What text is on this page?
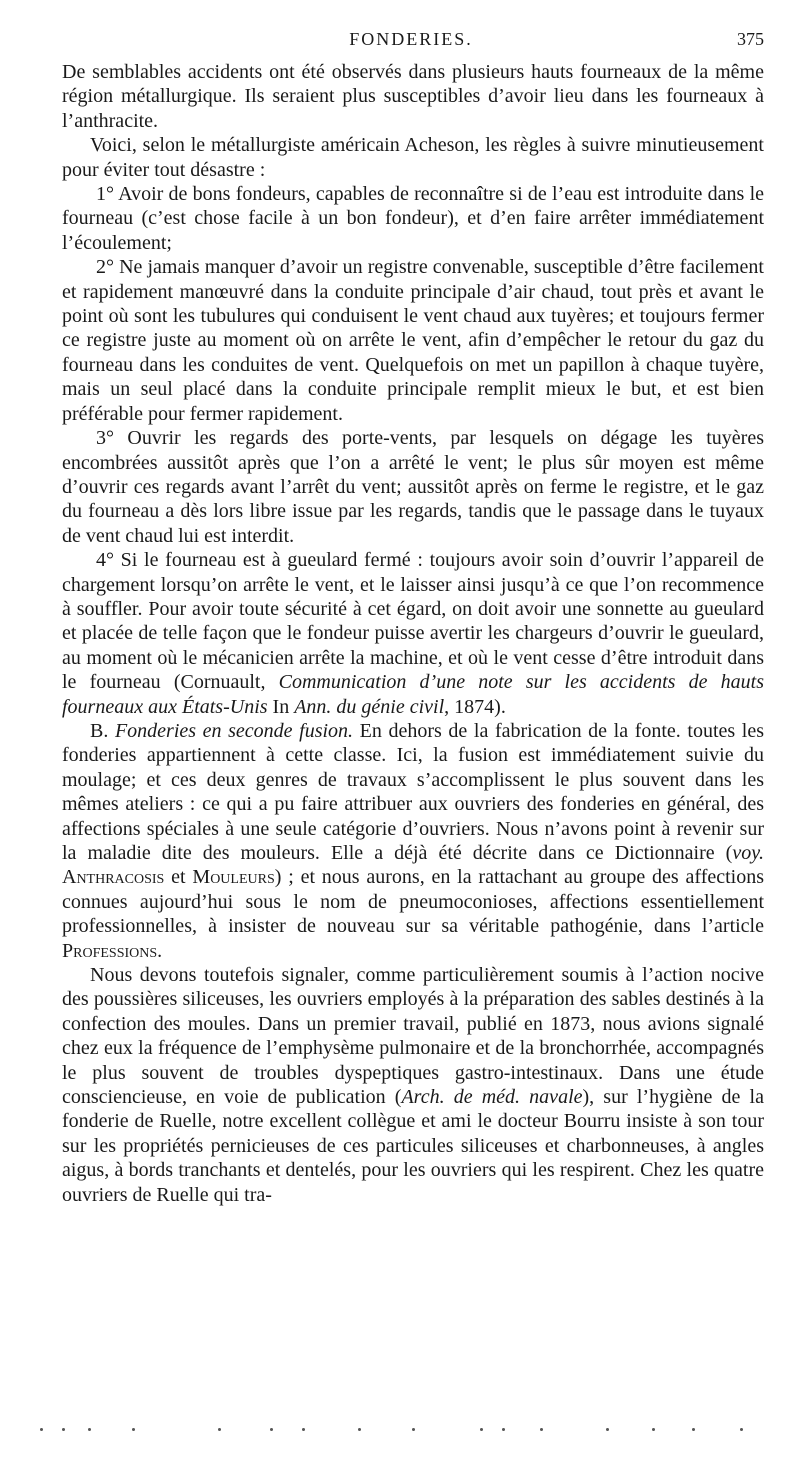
FONDERIES.	375

De semblables accidents ont été observés dans plusieurs hauts fourneaux de la même région métallurgique. Ils seraient plus susceptibles d’avoir lieu dans les fourneaux à l’anthracite.

Voici, selon le métallurgiste américain Acheson, les règles à suivre minutieusement pour éviter tout désastre :

1° Avoir de bons fondeurs, capables de reconnaître si de l’eau est introduite dans le fourneau (c’est chose facile à un bon fondeur), et d’en faire arrêter immédiatement l’écoulement;

2° Ne jamais manquer d’avoir un registre convenable, susceptible d’être facilement et rapidement manœuvré dans la conduite principale d’air chaud, tout près et avant le point où sont les tubulures qui conduisent le vent chaud aux tuyères; et toujours fermer ce registre juste au moment où on arrête le vent, afin d’empêcher le retour du gaz du fourneau dans les conduites de vent. Quelquefois on met un papillon à chaque tuyère, mais un seul placé dans la conduite principale remplit mieux le but, et est bien préférable pour fermer rapidement.

3° Ouvrir les regards des porte-vents, par lesquels on dégage les tuyères encombrées aussitôt après que l’on a arrêté le vent; le plus sûr moyen est même d’ouvrir ces regards avant l’arrêt du vent; aussitôt après on ferme le registre, et le gaz du fourneau a dès lors libre issue par les regards, tandis que le passage dans le tuyaux de vent chaud lui est interdit.

4° Si le fourneau est à gueulard fermé : toujours avoir soin d’ouvrir l’appareil de chargement lorsqu’on arrête le vent, et le laisser ainsi jusqu’à ce que l’on recommence à souffler. Pour avoir toute sécurité à cet égard, on doit avoir une sonnette au gueulard et placée de telle façon que le fondeur puisse avertir les chargeurs d’ouvrir le gueulard, au moment où le mécanicien arrête la machine, et où le vent cesse d’être introduit dans le fourneau (Cornuault, Communication d’une note sur les accidents de hauts fourneaux aux États-Unis In Ann. du génie civil, 1874).

B. Fonderies en seconde fusion. En dehors de la fabrication de la fonte. toutes les fonderies appartiennent à cette classe. Ici, la fusion est immédiatement suivie du moulage; et ces deux genres de travaux s’accomplissent le plus souvent dans les mêmes ateliers : ce qui a pu faire attribuer aux ouvriers des fonderies en général, des affections spéciales à une seule catégorie d’ouvriers. Nous n’avons point à revenir sur la maladie dite des mouleurs. Elle a déjà été décrite dans ce Dictionnaire (voy. Anthracosis et Mouleurs) ; et nous aurons, en la rattachant au groupe des affections connues aujourd’hui sous le nom de pneumoconioses, affections essentiellement professionnelles, à insister de nouveau sur sa véritable pathogénie, dans l’article Professions.

Nous devons toutefois signaler, comme particulièrement soumis à l’action nocive des poussières siliceuses, les ouvriers employés à la préparation des sables destinés à la confection des moules. Dans un premier travail, publié en 1873, nous avions signalé chez eux la fréquence de l’emphysème pulmonaire et de la bronchorrhée, accompagnés le plus souvent de troubles dyspeptiques gastro-intestinaux. Dans une étude consciencieuse, en voie de publication (Arch. de méd. navale), sur l’hygiène de la fonderie de Ruelle, notre excellent collègue et ami le docteur Bourru insiste à son tour sur les propriétés pernicieuses de ces particules siliceuses et charbonneuses, à angles aigus, à bords tranchants et dentelés, pour les ouvriers qui les respirent. Chez les quatre ouvriers de Ruelle qui tra-
